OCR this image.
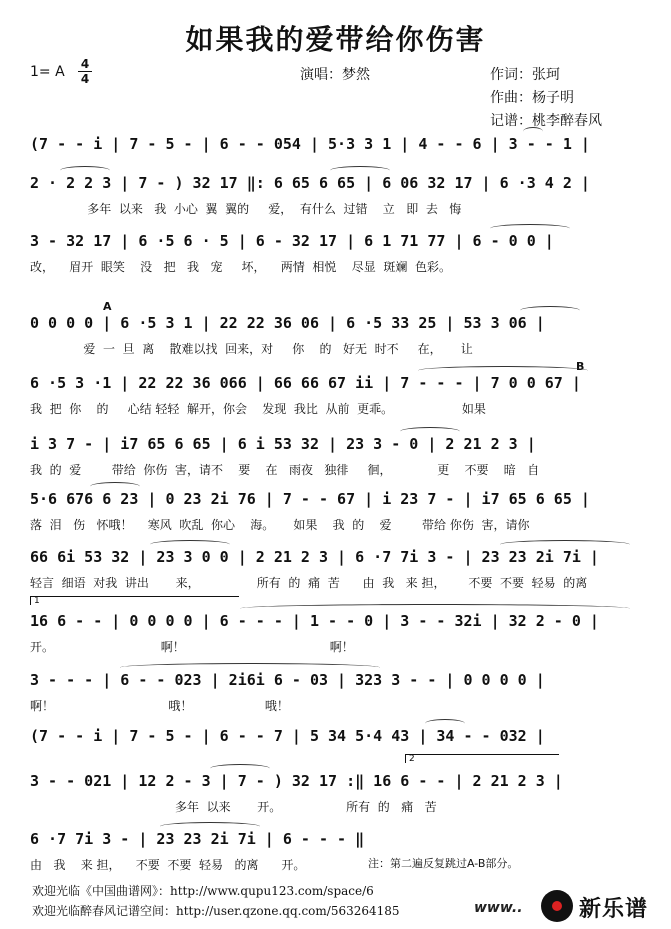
如果我的爱带给你伤害
1= A 4
4	演唱：梦然	作词：张珂
作曲：杨子明
记谱：桃李醉春风
(7 - - i | 7 - 5 - | 6 - - 054 | 5·3 3 1 | 4 - - 6 | 3 - - 1 |
2 · 2 2 3 | 7 - ) 32 17 ‖: 6 65 6 65 | 6 06 32 17 | 6 ·3 4 2 |
多年  以来   我  小心  翼  翼的     爱，  有什么  过错    立   即  去   悔
3 - 32 17 | 6 ·5 6 · 5 | 6 - 32 17 | 6 1 71 77 | 6 - 0 0 |
改，    眉开  眼笑    没   把   我   宠     坏，    两情  相悦    尽显  斑斓  色彩。
0 0 0 0 | 6 ·5 3 1 | 22 22 36 06 | 6 ·5 33 25 | 53 3 06 |
爱  一  旦  离    散难以找  回来，对     你    的   好无  时不     在，     让
A
6 ·5 3 ·1 | 22 22 36 066 | 66 66 67 ii | 7 - - - | 7 0 0 67 |
我  把  你    的     心结 轻轻  解开，你会    发现  我比  从前  更乖。                  如果
B
i 3 7 - | i7 65 6 65 | 6 i 53 32 | 23 3 - 0 | 2 21 2 3 |
我  的  爱        带给  你伤  害，请不    要    在   雨夜   独徘     徊，            更    不要    暗   自
5·6 676 6 23 | 0 23 2i 76 | 7 - - 67 | i 23 7 - | i7 65 6 65 |
落  泪   伤   怀哦！    寒风  吹乱  你心    海。     如果    我  的    爱        带给 你伤  害，请你
66 6i 53 32 | 23 3 0 0 | 2 21 2 3 | 6 ·7 7i 3 - | 23 23 2i 7i |
轻言  细语  对我  讲出       来，               所有  的  痛  苦      由  我   来 担，      不要  不要  轻易  的离
16 6 - - | 0 0 0 0 | 6 - - - | 1 - - 0 | 3 - - 32i | 32 2 - 0 |
开。                            啊！                                      啊！
1
3 - - - | 6 - - 023 | 2i6i 6 - 03 | 323 3 - - | 0 0 0 0 |
啊！                              哦！                   哦！
(7 - - i | 7 - 5 - | 6 - - 7 | 5 34 5·4 43 | 34 - - 032 |
3 - - 021 | 12 2 - 3 | 7 - ) 32 17 :‖ 16 6 - - | 2 21 2 3 |
多年  以来       开。                 所有  的   痛   苦
2
6 ·7 7i 3 - | 23 23 2i 7i | 6 - - - ‖
由   我    来 担，    不要  不要  轻易   的离      开。	注：第二遍反复跳过A-B部分。
欢迎光临《中国曲谱网》：http://www.qupu123.com/space/6
欢迎光临醉春风记谱空间：http://user.qzone.qq.com/563264185	www..	新乐谱
